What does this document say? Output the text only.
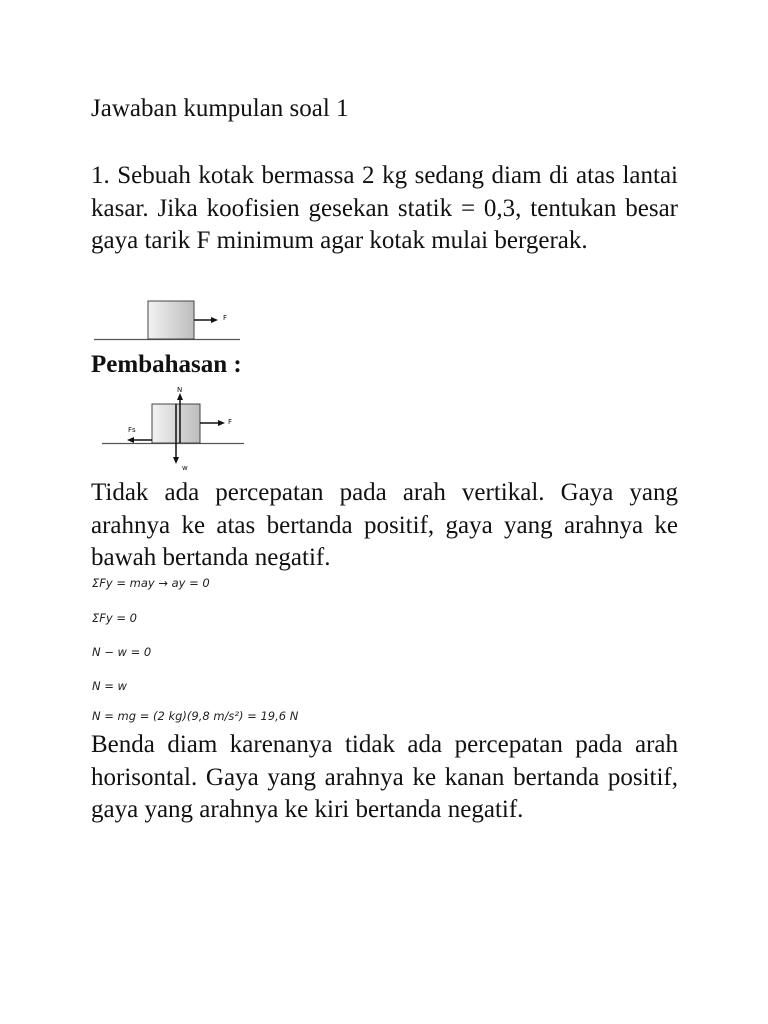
Jawaban kumpulan soal 1

1. Sebuah kotak bermassa 2 kg sedang diam di atas lantai kasar. Jika koofisien gesekan statik = 0,3, tentukan besar gaya tarik F minimum agar kotak mulai bergerak.

F
Pembahasan :
N
w
F
Fs

Tidak ada percepatan pada arah vertikal. Gaya yang arahnya ke atas bertanda positif, gaya yang arahnya ke bawah bertanda negatif.

ΣFy = may → ay = 0
ΣFy = 0
N − w = 0
N = w
N = mg = (2 kg)(9,8 m/s²) = 19,6 N

Benda diam karenanya tidak ada percepatan pada arah horisontal. Gaya yang arahnya ke kanan bertanda positif, gaya yang arahnya ke kiri bertanda negatif.
